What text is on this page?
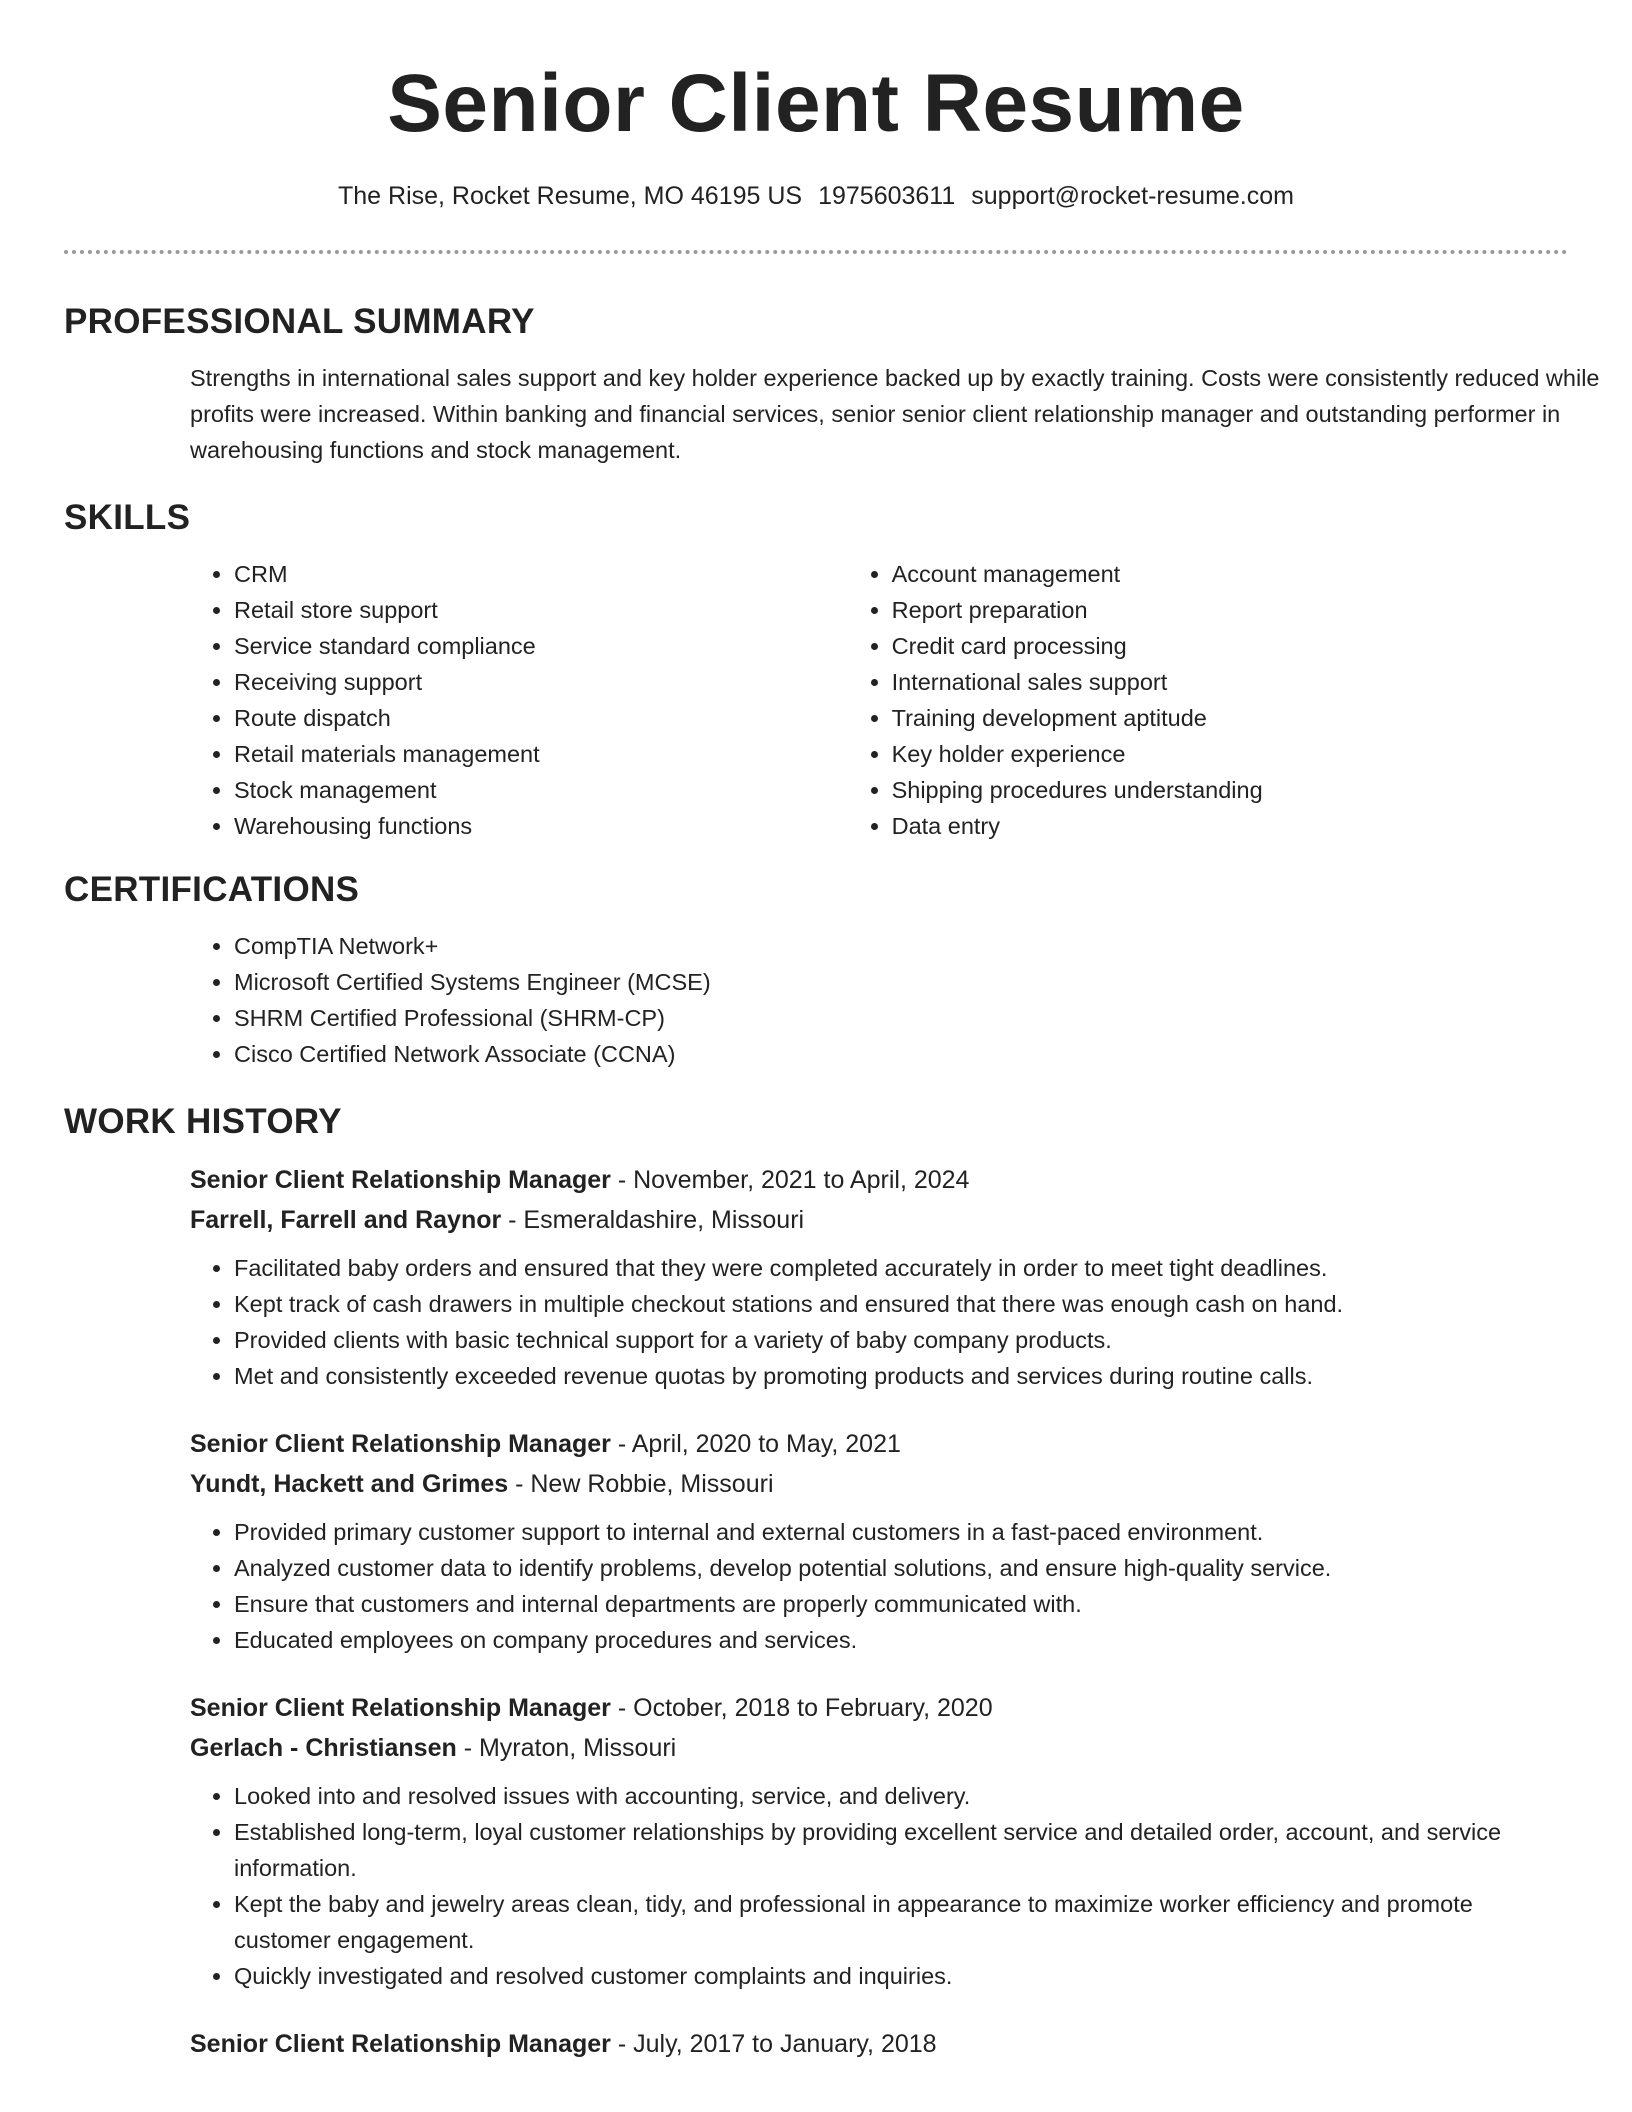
Senior Client Resume
The Rise, Rocket Resume, MO 46195 US 1975603611 support@rocket-resume.com
PROFESSIONAL SUMMARY
Strengths in international sales support and key holder experience backed up by exactly training. Costs were consistently reduced while profits were increased. Within banking and financial services, senior senior client relationship manager and outstanding performer in warehousing functions and stock management.
SKILLS
• CRM
• Retail store support
• Service standard compliance
• Receiving support
• Route dispatch
• Retail materials management
• Stock management
• Warehousing functions
• Account management
• Report preparation
• Credit card processing
• International sales support
• Training development aptitude
• Key holder experience
• Shipping procedures understanding
• Data entry
CERTIFICATIONS
• CompTIA Network+
• Microsoft Certified Systems Engineer (MCSE)
• SHRM Certified Professional (SHRM-CP)
• Cisco Certified Network Associate (CCNA)
WORK HISTORY
Senior Client Relationship Manager - November, 2021 to April, 2024
Farrell, Farrell and Raynor - Esmeraldashire, Missouri
• Facilitated baby orders and ensured that they were completed accurately in order to meet tight deadlines.
• Kept track of cash drawers in multiple checkout stations and ensured that there was enough cash on hand.
• Provided clients with basic technical support for a variety of baby company products.
• Met and consistently exceeded revenue quotas by promoting products and services during routine calls.
Senior Client Relationship Manager - April, 2020 to May, 2021
Yundt, Hackett and Grimes - New Robbie, Missouri
• Provided primary customer support to internal and external customers in a fast-paced environment.
• Analyzed customer data to identify problems, develop potential solutions, and ensure high-quality service.
• Ensure that customers and internal departments are properly communicated with.
• Educated employees on company procedures and services.
Senior Client Relationship Manager - October, 2018 to February, 2020
Gerlach - Christiansen - Myraton, Missouri
• Looked into and resolved issues with accounting, service, and delivery.
• Established long-term, loyal customer relationships by providing excellent service and detailed order, account, and service information.
• Kept the baby and jewelry areas clean, tidy, and professional in appearance to maximize worker efficiency and promote customer engagement.
• Quickly investigated and resolved customer complaints and inquiries.
Senior Client Relationship Manager - July, 2017 to January, 2018
